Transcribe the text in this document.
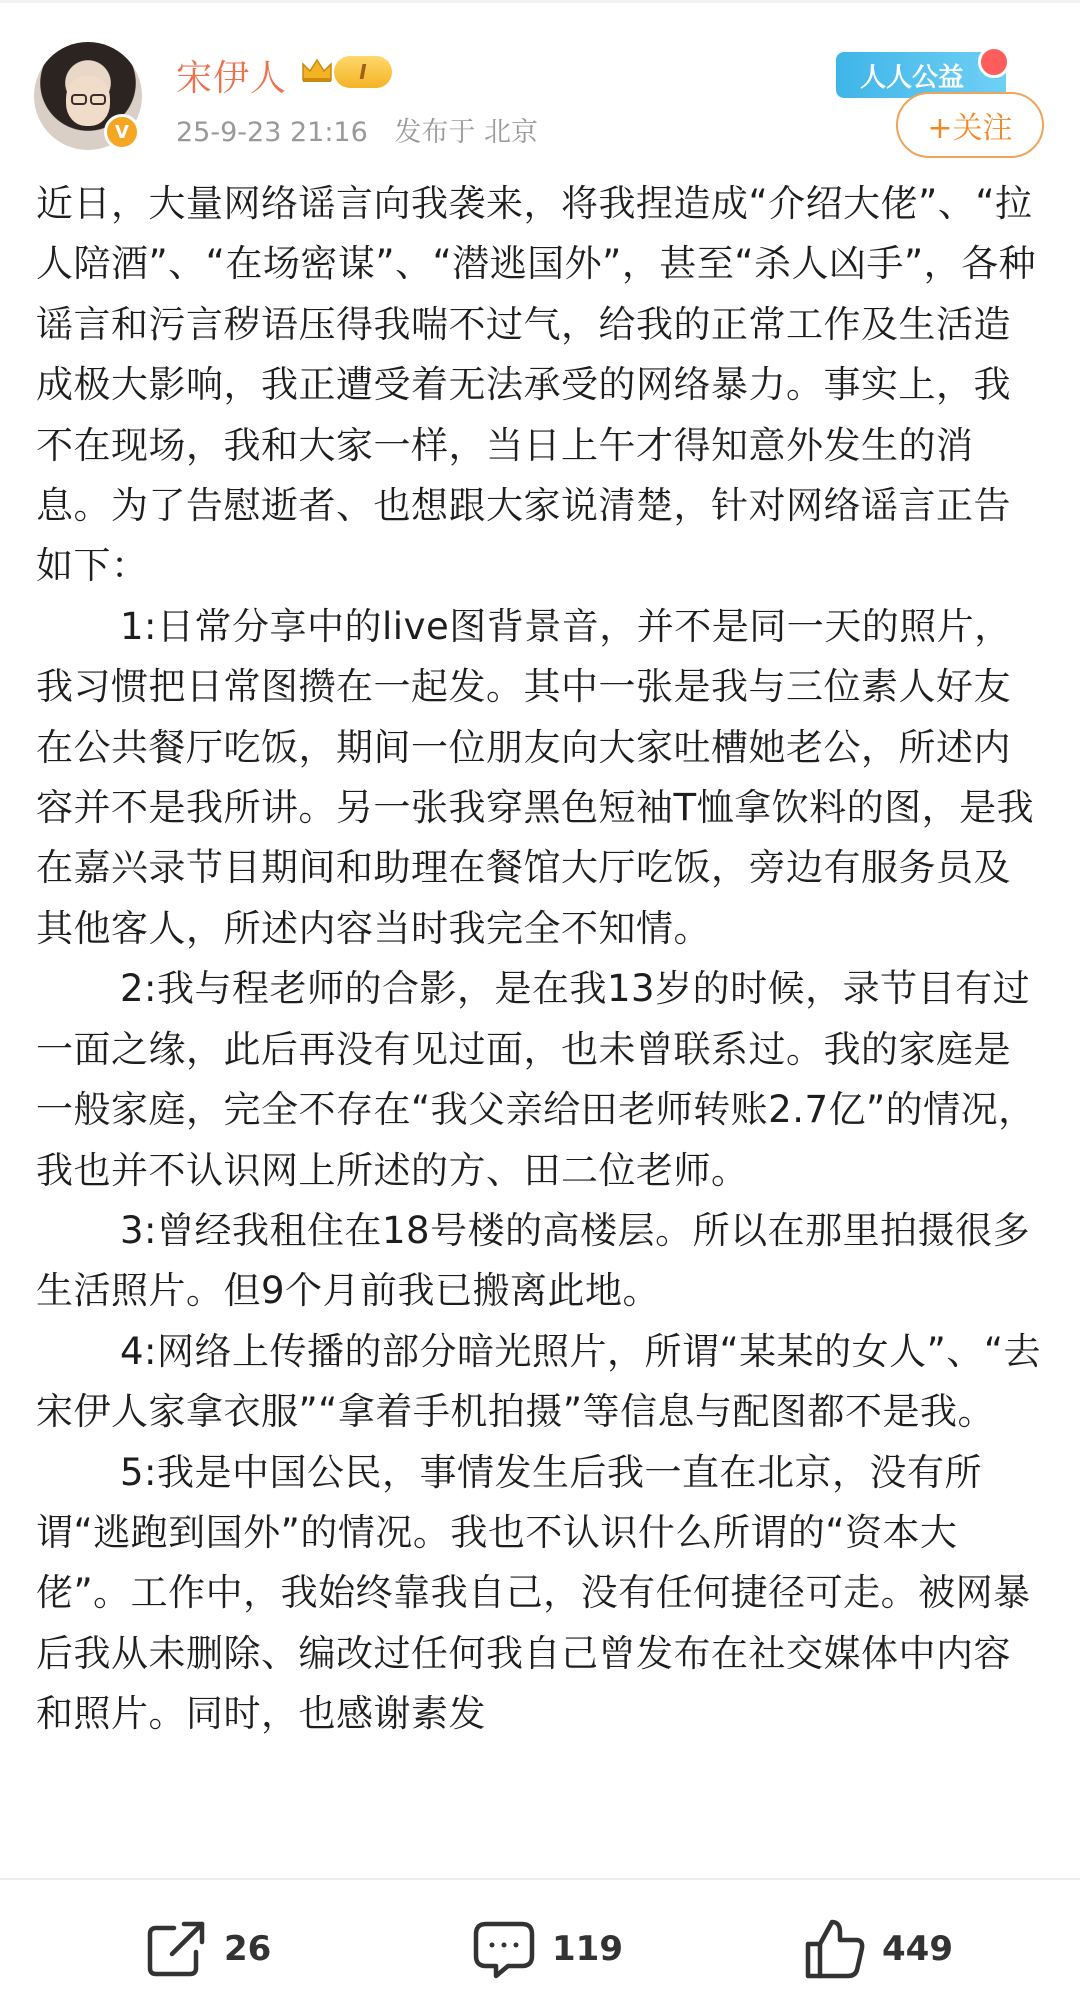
V
宋伊人	I
25-9-23 21:16 发布于 北京
人人公益
+关注

近日，大量网络谣言向我袭来，将我捏造成“介绍大佬”、“拉人陪酒”、“在场密谋”、“潜逃国外”，甚至“杀人凶手”，各种谣言和污言秽语压得我喘不过气，给我的正常工作及生活造成极大影响，我正遭受着无法承受的网络暴力。事实上，我不在现场，我和大家一样，当日上午才得知意外发生的消息。为了告慰逝者、也想跟大家说清楚，针对网络谣言正告如下：

1:日常分享中的live图背景音，并不是同一天的照片，我习惯把日常图攒在一起发。其中一张是我与三位素人好友在公共餐厅吃饭，期间一位朋友向大家吐槽她老公，所述内容并不是我所讲。另一张我穿黑色短袖T恤拿饮料的图，是我在嘉兴录节目期间和助理在餐馆大厅吃饭，旁边有服务员及其他客人，所述内容当时我完全不知情。

2:我与程老师的合影，是在我13岁的时候，录节目有过一面之缘，此后再没有见过面，也未曾联系过。我的家庭是一般家庭，完全不存在“我父亲给田老师转账2.7亿”的情况，我也并不认识网上所述的方、田二位老师。

3:曾经我租住在18号楼的高楼层。所以在那里拍摄很多生活照片。但9个月前我已搬离此地。

4:网络上传播的部分暗光照片，所谓“某某的女人”、“去宋伊人家拿衣服”“拿着手机拍摄”等信息与配图都不是我。

5:我是中国公民，事情发生后我一直在北京，没有所谓“逃跑到国外”的情况。我也不认识什么所谓的“资本大佬”。工作中，我始终靠我自己，没有任何捷径可走。被网暴后我从未删除、编改过任何我自己曾发布在社交媒体中内容和照片。同时，也感谢素发

26	119	449
